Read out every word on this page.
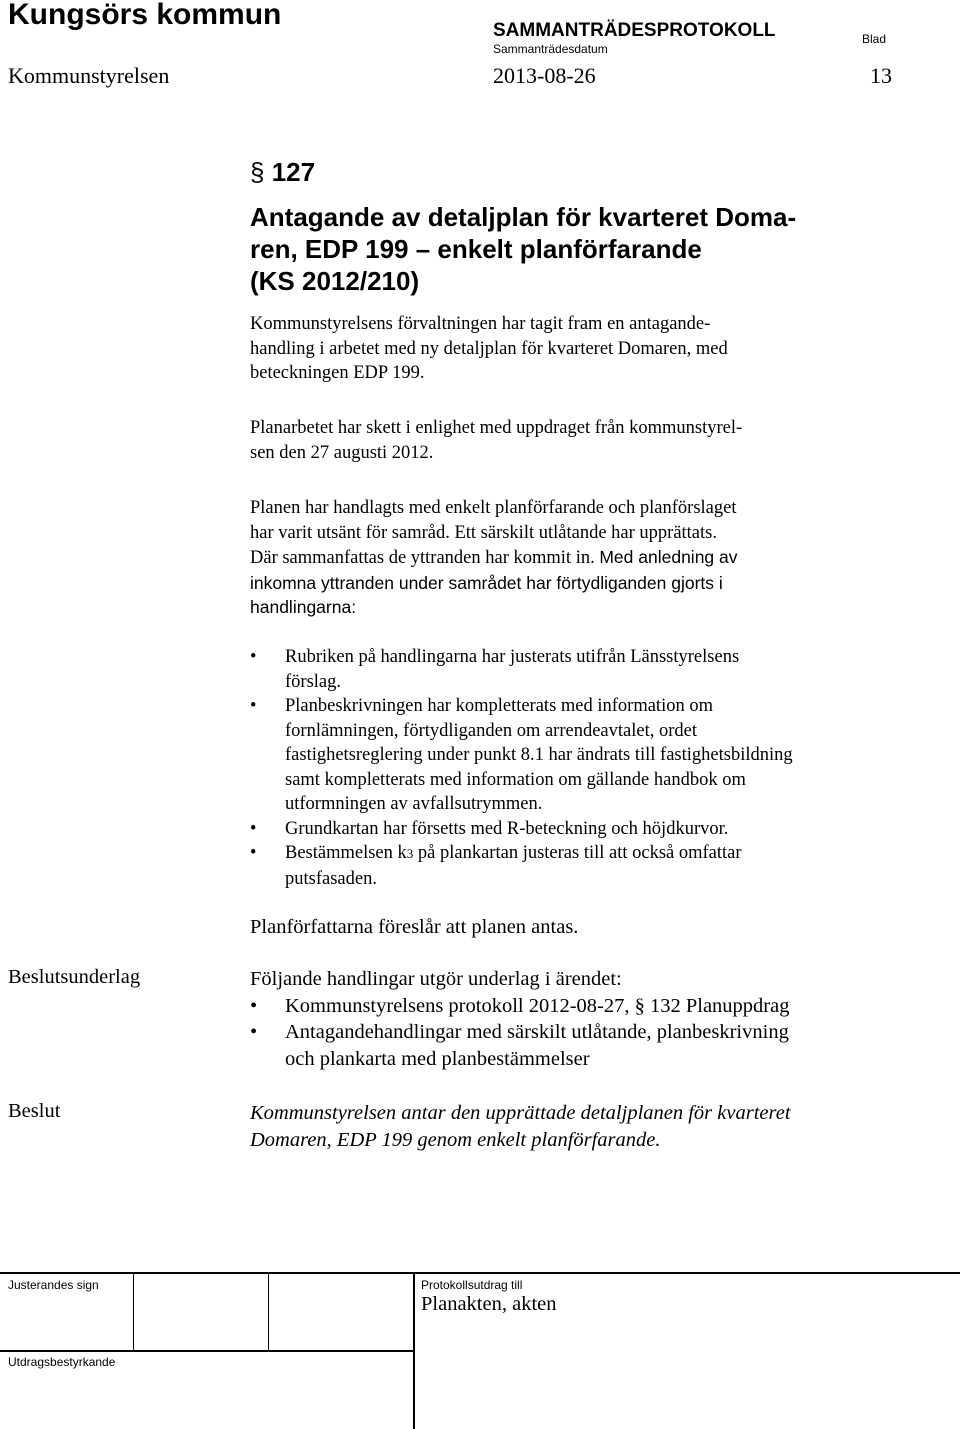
Kungsörs kommun	SAMMANTRÄDESPROTOKOLL
Sammanträdesdatum
Blad
Kommunstyrelsen	2013-08-26	13
§ 127
Antagande av detaljplan för kvarteret Doma-
ren, EDP 199 – enkelt planförfarande
(KS 2012/210)
Kommunstyrelsens förvaltningen har tagit fram en antagande-
handling i arbetet med ny detaljplan för kvarteret Domaren, med
beteckningen EDP 199.
Planarbetet har skett i enlighet med uppdraget från kommunstyrel-
sen den 27 augusti 2012.
Planen har handlagts med enkelt planförfarande och planförslaget
har varit utsänt för samråd. Ett särskilt utlåtande har upprättats.
Där sammanfattas de yttranden har kommit in. Med anledning av
inkomna yttranden under samrådet har förtydliganden gjorts i
handlingarna:
• Rubriken på handlingarna har justerats utifrån Länsstyrelsens
förslag.
• Planbeskrivningen har kompletterats med information om
fornlämningen, förtydliganden om arrendeavtalet, ordet
fastighetsreglering under punkt 8.1 har ändrats till fastighetsbildning
samt kompletterats med information om gällande handbok om
utformningen av avfallsutrymmen.
• Grundkartan har försetts med R-beteckning och höjdkurvor.
• Bestämmelsen k3 på plankartan justeras till att också omfattar
putsfasaden.
Planförfattarna föreslår att planen antas.
Beslutsunderlag	Följande handlingar utgör underlag i ärendet:
• Kommunstyrelsens protokoll 2012-08-27, § 132 Planuppdrag
• Antagandehandlingar med särskilt utlåtande, planbeskrivning
och plankarta med planbestämmelser
Beslut	Kommunstyrelsen antar den upprättade detaljplanen för kvarteret
Domaren, EDP 199 genom enkelt planförfarande.
Justerandes sign	Protokollsutdrag till
Planakten, akten
Utdragsbestyrkande
